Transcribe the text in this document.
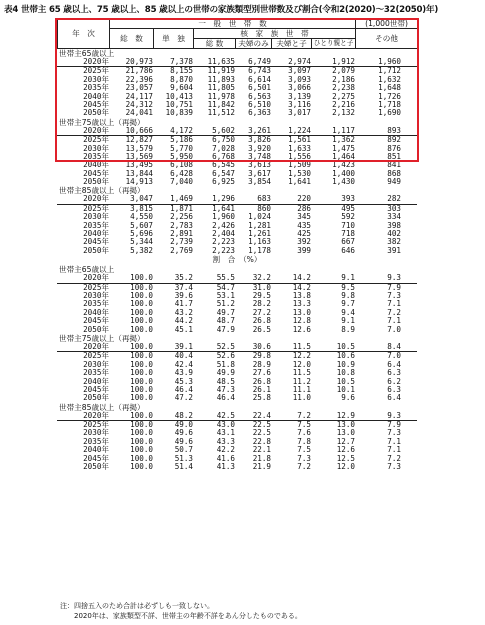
表4 世帯主 65 歳以上、75 歳以上、85 歳以上の世帯の家族類型別世帯数及び割合(令和2(2020)〜32(2050)年)
年　次	一　般　世　帯　数						(1,000世帯)
	総　数	単　独	核　家　族　世　帯				その他
			総 数	夫婦のみ	夫婦と子	ひとり親と子	
世帯主65歳以上
2020年	20,973	7,378	11,635	6,749	2,974	1,912	1,960
2025年	21,786	8,155	11,919	6,743	3,097	2,079	1,712
2030年	22,396	8,870	11,893	6,614	3,093	2,186	1,632
2035年	23,057	9,604	11,805	6,501	3,066	2,238	1,648
2040年	24,117	10,413	11,978	6,563	3,139	2,275	1,726
2045年	24,312	10,751	11,842	6,510	3,116	2,216	1,718
2050年	24,041	10,839	11,512	6,363	3,017	2,132	1,690
世帯主75歳以上（再掲）
2020年	10,666	4,172	5,602	3,261	1,224	1,117	893
2025年	12,827	5,186	6,750	3,826	1,561	1,362	892
2030年	13,579	5,770	7,028	3,920	1,633	1,475	876
2035年	13,569	5,950	6,768	3,748	1,556	1,464	851
2040年	13,495	6,108	6,545	3,613	1,509	1,423	841
2045年	13,844	6,428	6,547	3,617	1,530	1,400	868
2050年	14,913	7,040	6,925	3,854	1,641	1,430	949
世帯主85歳以上（再掲）
2020年	3,047	1,469	1,296	683	220	393	282
2025年	3,815	1,871	1,641	860	286	495	303
2030年	4,550	2,256	1,960	1,024	345	592	334
2035年	5,607	2,783	2,426	1,281	435	710	398
2040年	5,696	2,891	2,404	1,261	425	718	402
2045年	5,344	2,739	2,223	1,163	392	667	382
2050年	5,382	2,769	2,223	1,178	399	646	391
割　合　（%）
世帯主65歳以上
2020年	100.0	35.2	55.5	32.2	14.2	9.1	9.3
2025年	100.0	37.4	54.7	31.0	14.2	9.5	7.9
2030年	100.0	39.6	53.1	29.5	13.8	9.8	7.3
2035年	100.0	41.7	51.2	28.2	13.3	9.7	7.1
2040年	100.0	43.2	49.7	27.2	13.0	9.4	7.2
2045年	100.0	44.2	48.7	26.8	12.8	9.1	7.1
2050年	100.0	45.1	47.9	26.5	12.6	8.9	7.0
世帯主75歳以上（再掲）
2020年	100.0	39.1	52.5	30.6	11.5	10.5	8.4
2025年	100.0	40.4	52.6	29.8	12.2	10.6	7.0
2030年	100.0	42.4	51.8	28.9	12.0	10.9	6.4
2035年	100.0	43.9	49.9	27.6	11.5	10.8	6.3
2040年	100.0	45.3	48.5	26.8	11.2	10.5	6.2
2045年	100.0	46.4	47.3	26.1	11.1	10.1	6.3
2050年	100.0	47.2	46.4	25.8	11.0	9.6	6.4
世帯主85歳以上（再掲）
2020年	100.0	48.2	42.5	22.4	7.2	12.9	9.3
2025年	100.0	49.0	43.0	22.5	7.5	13.0	7.9
2030年	100.0	49.6	43.1	22.5	7.6	13.0	7.3
2035年	100.0	49.6	43.3	22.8	7.8	12.7	7.1
2040年	100.0	50.7	42.2	22.1	7.5	12.6	7.1
2045年	100.0	51.3	41.6	21.8	7.3	12.5	7.2
2050年	100.0	51.4	41.3	21.9	7.2	12.0	7.3
注：四捨五入のため合計は必ずしも一致しない。
2020年は、家族類型不詳、世帯主の年齢不詳をあん分したものである。
